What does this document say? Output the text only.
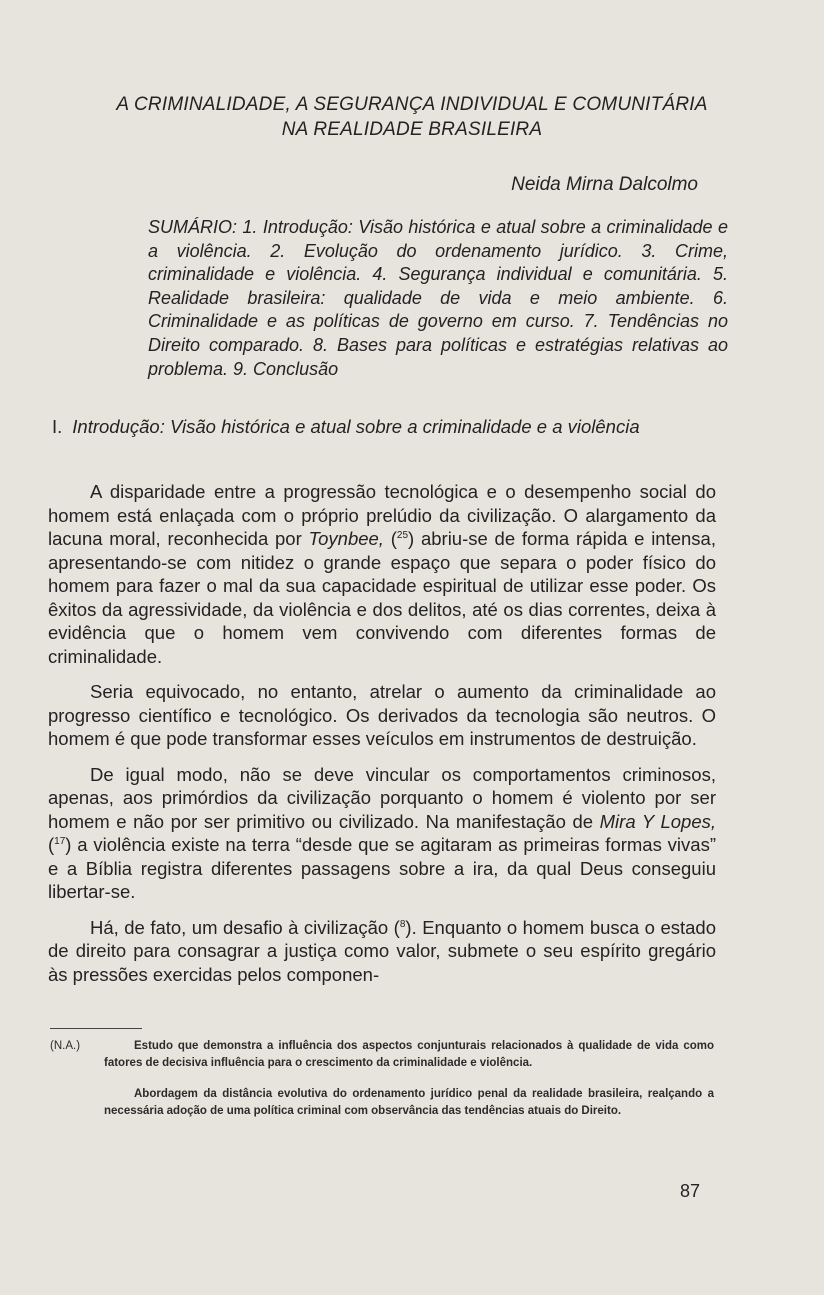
A CRIMINALIDADE, A SEGURANÇA INDIVIDUAL E COMUNITÁRIA
NA REALIDADE BRASILEIRA
Neida Mirna Dalcolmo
SUMÁRIO: 1. Introdução: Visão histórica e atual sobre a criminalidade e a violência. 2. Evolução do ordenamento jurídico. 3. Crime, criminalidade e violência. 4. Segurança individual e comunitária. 5. Realidade brasileira: qualidade de vida e meio ambiente. 6. Criminalidade e as políticas de governo em curso. 7. Tendências no Direito comparado. 8. Bases para políticas e estratégias relativas ao problema. 9. Conclusão
I. Introdução: Visão histórica e atual sobre a criminalidade e a violência

A disparidade entre a progressão tecnológica e o desempenho social do homem está enlaçada com o próprio prelúdio da civilização. O alargamento da lacuna moral, reconhecida por Toynbee, ($^{25}$) abriu-se de forma rápida e intensa, apresentando-se com nitidez o grande espaço que separa o poder físico do homem para fazer o mal da sua capacidade espiritual de utilizar esse poder. Os êxitos da agressividade, da violência e dos delitos, até os dias correntes, deixa à evidência que o homem vem convivendo com diferentes formas de criminalidade.

Seria equivocado, no entanto, atrelar o aumento da criminalidade ao progresso científico e tecnológico. Os derivados da tecnologia são neutros. O homem é que pode transformar esses veículos em instrumentos de destruição.

De igual modo, não se deve vincular os comportamentos criminosos, apenas, aos primórdios da civilização porquanto o homem é violento por ser homem e não por ser primitivo ou civilizado. Na manifestação de Mira Y Lopes, ($^{17}$) a violência existe na terra “desde que se agitaram as primeiras formas vivas” e a Bíblia registra diferentes passagens sobre a ira, da qual Deus conseguiu libertar-se.

Há, de fato, um desafio à civilização ($^8$). Enquanto o homem busca o estado de direito para consagrar a justiça como valor, submete o seu espírito gregário às pressões exercidas pelos componen-

(N.A.)	Estudo que demonstra a influência dos aspectos conjunturais relacionados à qualidade de vida como fatores de decisiva influência para o crescimento da criminalidade e violência.
Abordagem da distância evolutiva do ordenamento jurídico penal da realidade brasileira, realçando a necessária adoção de uma política criminal com observância das tendências atuais do Direito.
87
